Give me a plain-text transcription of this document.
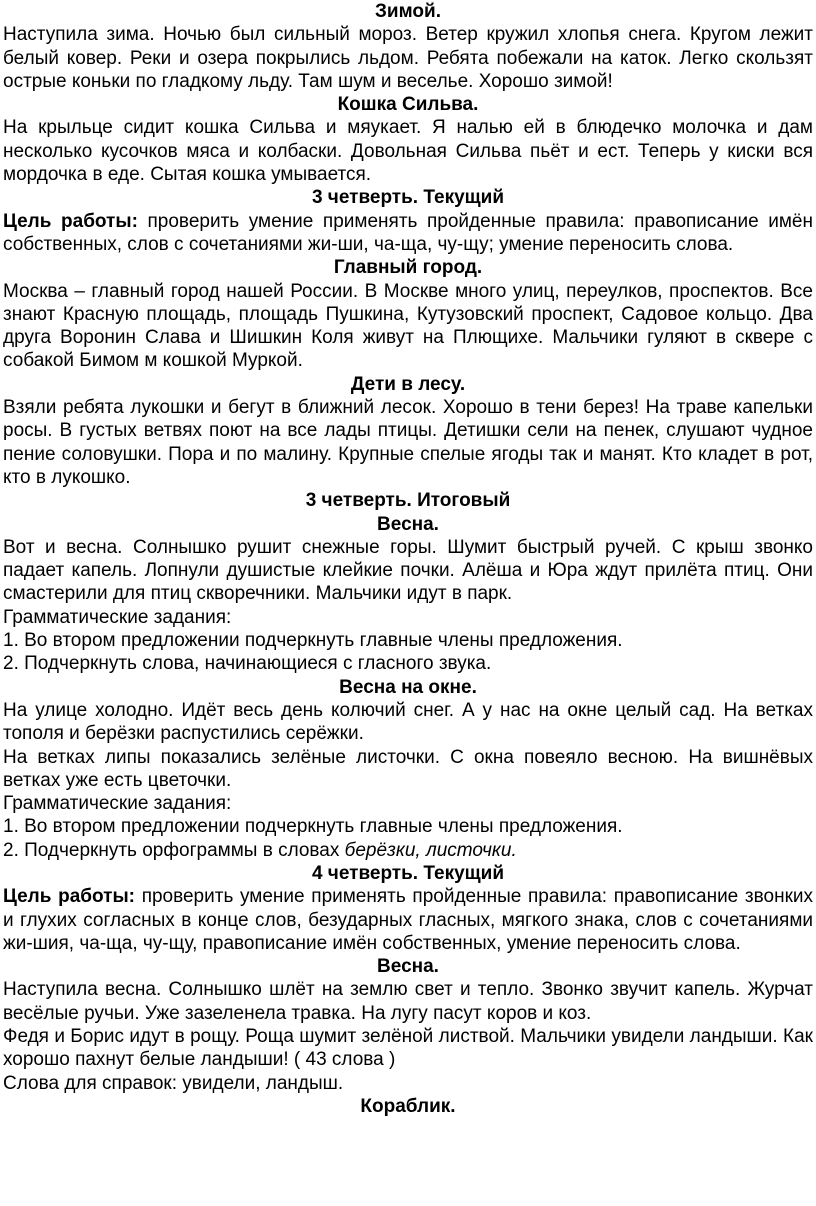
Зимой.
Наступила зима. Ночью был сильный мороз. Ветер кружил хлопья снега. Кругом лежит белый ковер. Реки и озера покрылись льдом. Ребята побежали на каток. Легко скользят острые коньки по гладкому льду. Там шум и веселье. Хорошо зимой!
Кошка Сильва.
На крыльце сидит кошка Сильва и мяукает. Я налью ей в блюдечко молочка и дам несколько кусочков мяса и колбаски. Довольная Сильва пьёт и ест. Теперь у киски вся мордочка в еде. Сытая кошка умывается.
3 четверть. Текущий
Цель работы: проверить умение применять пройденные правила: правописание имён собственных, слов с сочетаниями жи-ши, ча-ща, чу-щу; умение переносить слова.
Главный город.
Москва – главный город нашей России. В Москве много улиц, переулков, проспектов. Все знают Красную площадь, площадь Пушкина, Кутузовский проспект, Садовое кольцо. Два друга Воронин Слава и Шишкин Коля живут на Плющихе. Мальчики гуляют в сквере с собакой Бимом м кошкой Муркой.
Дети в лесу.
Взяли ребята лукошки и бегут в ближний лесок. Хорошо в тени берез! На траве капельки росы. В густых ветвях поют на все лады птицы. Детишки сели на пенек, слушают чудное пение соловушки. Пора и по малину. Крупные спелые ягоды так и манят. Кто кладет в рот, кто в лукошко.
3 четверть. Итоговый
Весна.
Вот и весна. Солнышко рушит снежные горы. Шумит быстрый ручей. С крыш звонко падает капель. Лопнули душистые клейкие почки. Алёша и Юра ждут прилёта птиц. Они смастерили для птиц скворечники. Мальчики идут в парк.
Грамматические задания:
1. Во втором предложении подчеркнуть главные члены предложения.
2. Подчеркнуть слова, начинающиеся с гласного звука.
Весна на окне.
На улице холодно. Идёт весь день колючий снег. А у нас на окне целый сад. На ветках тополя и берёзки распустились серёжки.
На ветках липы показались зелёные листочки. С окна повеяло весною. На вишнёвых ветках уже есть цветочки.
Грамматические задания:
1. Во втором предложении подчеркнуть главные члены предложения.
2. Подчеркнуть орфограммы в словах берёзки, листочки.
4 четверть. Текущий
Цель работы: проверить умение применять пройденные правила: правописание звонких и глухих согласных в конце слов, безударных гласных, мягкого знака, слов с сочетаниями жи-шия, ча-ща, чу-щу, правописание имён собственных, умение переносить слова.
Весна.
Наступила весна. Солнышко шлёт на землю свет и тепло. Звонко звучит капель. Журчат весёлые ручьи. Уже зазеленела травка. На лугу пасут коров и коз.
Федя и Борис идут в рощу. Роща шумит зелёной листвой. Мальчики увидели ландыши. Как хорошо пахнут белые ландыши! ( 43 слова )
Слова для справок: увидели, ландыш.
Кораблик.
